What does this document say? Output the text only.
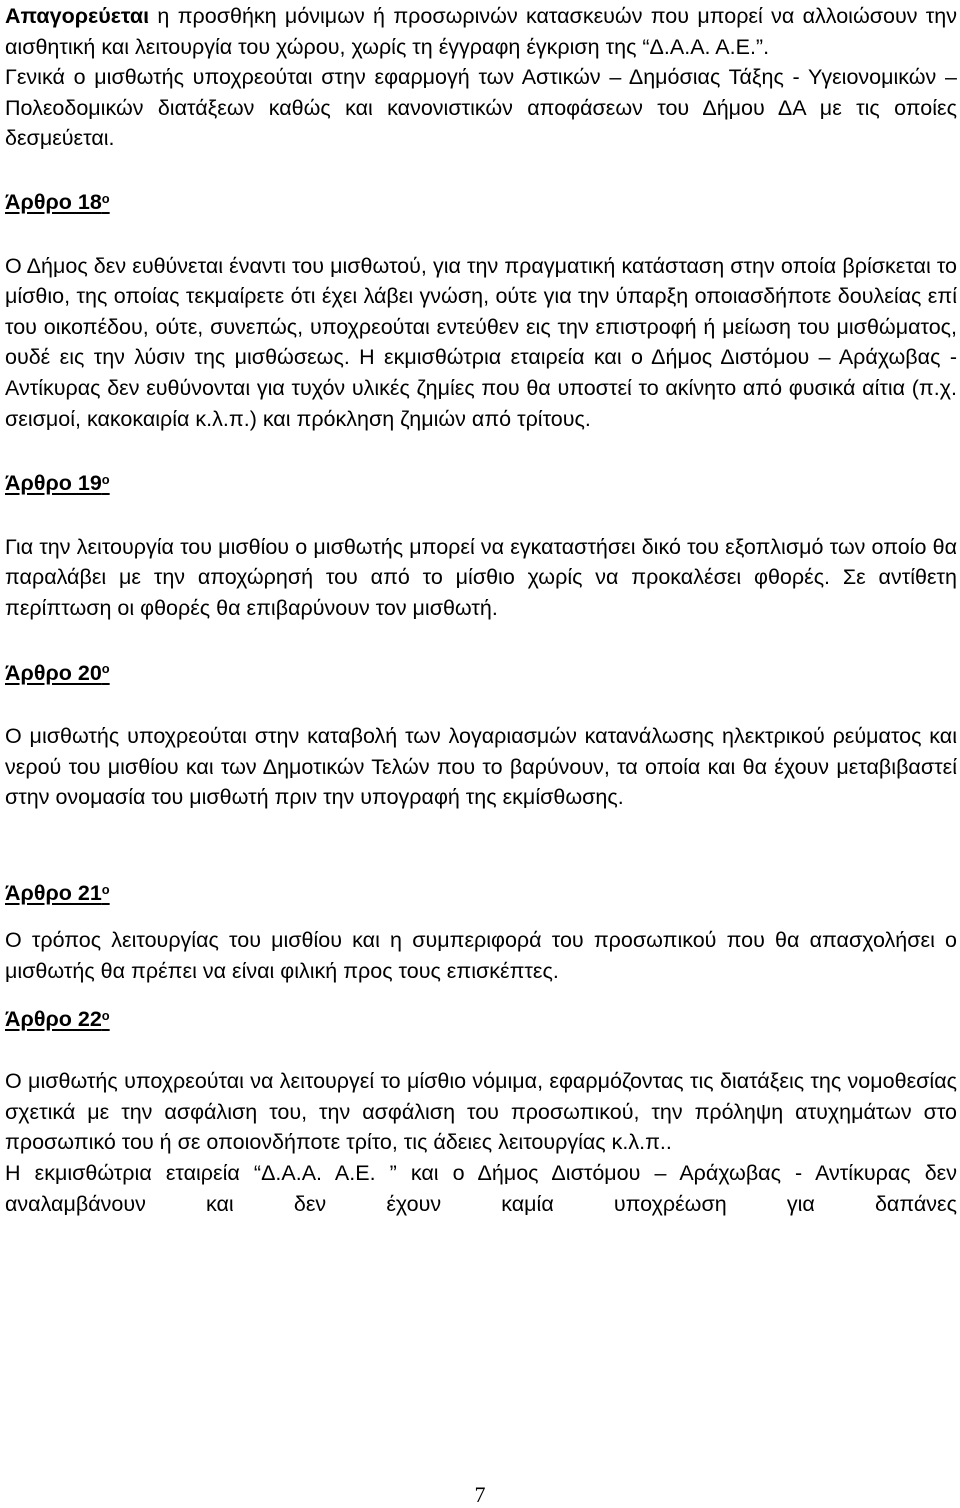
Απαγορεύεται η προσθήκη μόνιμων ή προσωρινών κατασκευών που μπορεί να αλλοιώσουν την αισθητική και λειτουργία του χώρου, χωρίς τη έγγραφη έγκριση της “Δ.Α.Α. Α.Ε.”.

Γενικά ο μισθωτής υποχρεούται στην εφαρμογή των Αστικών – Δημόσιας Τάξης - Υγειονομικών – Πολεοδομικών διατάξεων καθώς και κανονιστικών αποφάσεων του Δήμου ΔΑ με τις οποίες δεσμεύεται.

Άρθρο $18^o$

Ο Δήμος δεν ευθύνεται έναντι του μισθωτού, για την πραγματική κατάσταση στην οποία βρίσκεται το μίσθιο, της οποίας τεκμαίρετε ότι έχει λάβει γνώση, ούτε για την ύπαρξη οποιασδήποτε δουλείας επί του οικοπέδου, ούτε, συνεπώς, υποχρεούται εντεύθεν εις την επιστροφή ή μείωση του μισθώματος, ουδέ εις την λύσιν της μισθώσεως. Η εκμισθώτρια εταιρεία και ο Δήμος Διστόμου – Αράχωβας - Αντίκυρας δεν ευθύνονται για τυχόν υλικές ζημίες που θα υποστεί το ακίνητο από φυσικά αίτια (π.χ. σεισμοί, κακοκαιρία κ.λ.π.) και πρόκληση ζημιών από τρίτους.

Άρθρο $19^o$

Για την λειτουργία του μισθίου ο μισθωτής μπορεί να εγκαταστήσει δικό του εξοπλισμό των οποίο θα παραλάβει με την αποχώρησή του από το μίσθιο χωρίς να προκαλέσει φθορές. Σε αντίθετη περίπτωση οι φθορές θα επιβαρύνουν τον μισθωτή.

Άρθρο $20^o$

Ο μισθωτής υποχρεούται στην καταβολή των λογαριασμών κατανάλωσης ηλεκτρικού ρεύματος και νερού του μισθίου και των Δημοτικών Τελών που το βαρύνουν, τα οποία και θα έχουν μεταβιβαστεί στην ονομασία του μισθωτή πριν την υπογραφή της εκμίσθωσης.

Άρθρο $21^o$

Ο τρόπος λειτουργίας του μισθίου και η συμπεριφορά του προσωπικού που θα απασχολήσει ο μισθωτής θα πρέπει να είναι φιλική προς τους επισκέπτες.

Άρθρο $22^o$

Ο μισθωτής υποχρεούται να λειτουργεί το μίσθιο νόμιμα, εφαρμόζοντας τις διατάξεις της νομοθεσίας σχετικά με την ασφάλιση του, την ασφάλιση του προσωπικού, την πρόληψη ατυχημάτων στο προσωπικό του ή σε οποιονδήποτε τρίτο, τις άδειες λειτουργίας κ.λ.π..

Η εκμισθώτρια εταιρεία “Δ.Α.Α. Α.Ε. ” και ο Δήμος Διστόμου – Αράχωβας - Αντίκυρας δεν αναλαμβάνουν και δεν έχουν καμία υποχρέωση για δαπάνες

7
